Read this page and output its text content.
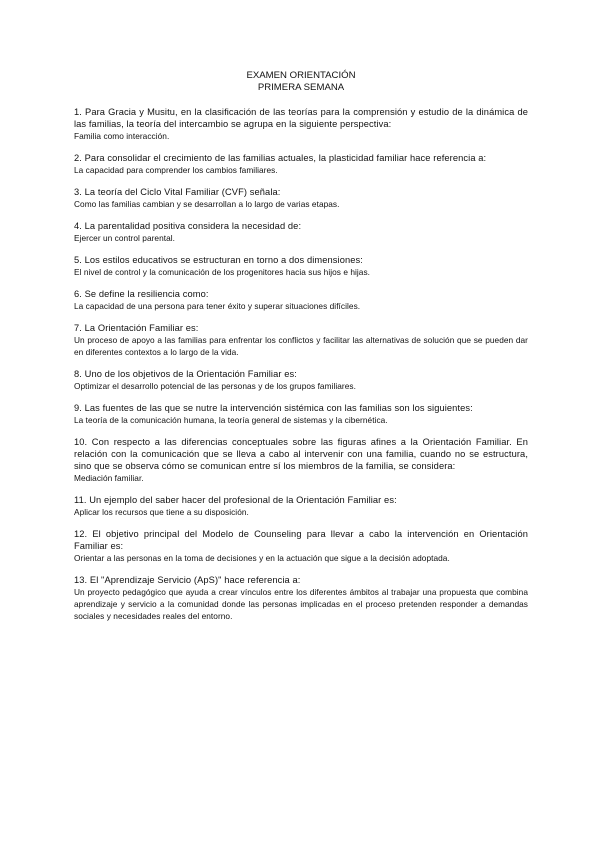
EXAMEN ORIENTACIÓN
PRIMERA SEMANA
1. Para Gracia y Musitu, en la clasificación de las teorías para la comprensión y estudio de la dinámica de las familias, la teoría del intercambio se agrupa en la siguiente perspectiva:
Familia como interacción.
2. Para consolidar el crecimiento de las familias actuales, la plasticidad familiar hace referencia a:
La capacidad para comprender los cambios familiares.
3. La teoría del Ciclo Vital Familiar (CVF) señala:
Como las familias cambian y se desarrollan a lo largo de varias etapas.
4. La parentalidad positiva considera la necesidad de:
Ejercer un control parental.
5. Los estilos educativos se estructuran en torno a dos dimensiones:
El nivel de control y la comunicación de los progenitores hacia sus hijos e hijas.
6. Se define la resiliencia como:
La capacidad de una persona para tener éxito y superar situaciones difíciles.
7. La Orientación Familiar es:
Un proceso de apoyo a las familias para enfrentar los conflictos y facilitar las alternativas de solución que se pueden dar en diferentes contextos a lo largo de la vida.
8. Uno de los objetivos de la Orientación Familiar es:
Optimizar el desarrollo potencial de las personas y de los grupos familiares.
9. Las fuentes de las que se nutre la intervención sistémica con las familias son los siguientes:
La teoría de la comunicación humana, la teoría general de sistemas y la cibernética.
10. Con respecto a las diferencias conceptuales sobre las figuras afines a la Orientación Familiar. En relación con la comunicación que se lleva a cabo al intervenir con una familia, cuando no se estructura, sino que se observa cómo se comunican entre sí los miembros de la familia, se considera:
Mediación familiar.
11. Un ejemplo del saber hacer del profesional de la Orientación Familiar es:
Aplicar los recursos que tiene a su disposición.
12. El objetivo principal del Modelo de Counseling para llevar a cabo la intervención en Orientación Familiar es:
Orientar a las personas en la toma de decisiones y en la actuación que sigue a la decisión adoptada.
13. El "Aprendizaje Servicio (ApS)" hace referencia a:
Un proyecto pedagógico que ayuda a crear vínculos entre los diferentes ámbitos al trabajar una propuesta que combina aprendizaje y servicio a la comunidad donde las personas implicadas en el proceso pretenden responder a demandas sociales y necesidades reales del entorno.
